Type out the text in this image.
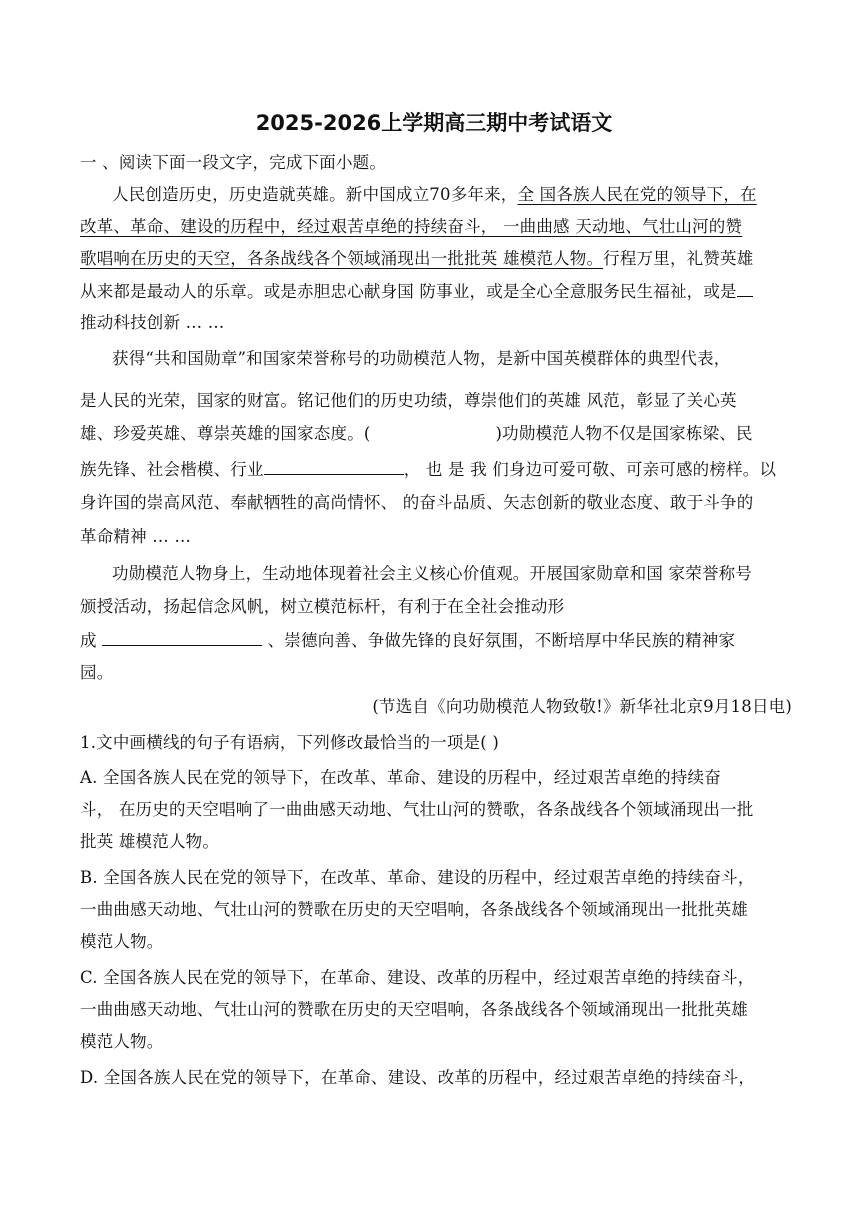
2025-2026上学期高三期中考试语文
一 、阅读下面一段文字，完成下面小题。
人民创造历史，历史造就英雄。新中国成立70多年来，全 国各族人民在党的领导下，在
改革、革命、建设的历程中，经过艰苦卓绝的持续奋斗， 一曲曲感 天动地、气壮山河的赞
歌唱响在历史的天空，各条战线各个领域涌现出一批批英 雄模范人物。行程万里，礼赞英雄
从来都是最动人的乐章。或是赤胆忠心献身国 防事业，或是全心全意服务民生福祉，或是
推动科技创新 … …
获得“共和国勋章”和国家荣誉称号的功勋模范人物，是新中国英模群体的典型代表，
是人民的光荣，国家的财富。铭记他们的历史功绩，尊崇他们的英雄 风范，彰显了关心英
雄、珍爱英雄、尊崇英雄的国家态度。(	)功勋模范人物不仅是国家栋梁、民
族先锋、社会楷模、行业	， 也 是 我 们身边可爱可敬、可亲可感的榜样。以
身许国的崇高风范、奉献牺牲的高尚情怀、 的奋斗品质、矢志创新的敬业态度、敢于斗争的
革命精神 … …
功勋模范人物身上，生动地体现着社会主义核心价值观。开展国家勋章和国 家荣誉称号
颁授活动，扬起信念风帆，树立模范标杆，有利于在全社会推动形
成	、崇德向善、争做先锋的良好氛围，不断培厚中华民族的精神家
园。
(节选自《向功勋模范人物致敬!》新华社北京9月18日电)
1.文中画横线的句子有语病，下列修改最恰当的一项是( )
A. 全国各族人民在党的领导下，在改革、革命、建设的历程中，经过艰苦卓绝的持续奋
斗， 在历史的天空唱响了一曲曲感天动地、气壮山河的赞歌，各条战线各个领域涌现出一批
批英 雄模范人物。
B. 全国各族人民在党的领导下，在改革、革命、建设的历程中，经过艰苦卓绝的持续奋斗，
一曲曲感天动地、气壮山河的赞歌在历史的天空唱响，各条战线各个领域涌现出一批批英雄
模范人物。
C. 全国各族人民在党的领导下，在革命、建设、改革的历程中，经过艰苦卓绝的持续奋斗，
一曲曲感天动地、气壮山河的赞歌在历史的天空唱响，各条战线各个领域涌现出一批批英雄
模范人物。
D. 全国各族人民在党的领导下，在革命、建设、改革的历程中，经过艰苦卓绝的持续奋斗，
